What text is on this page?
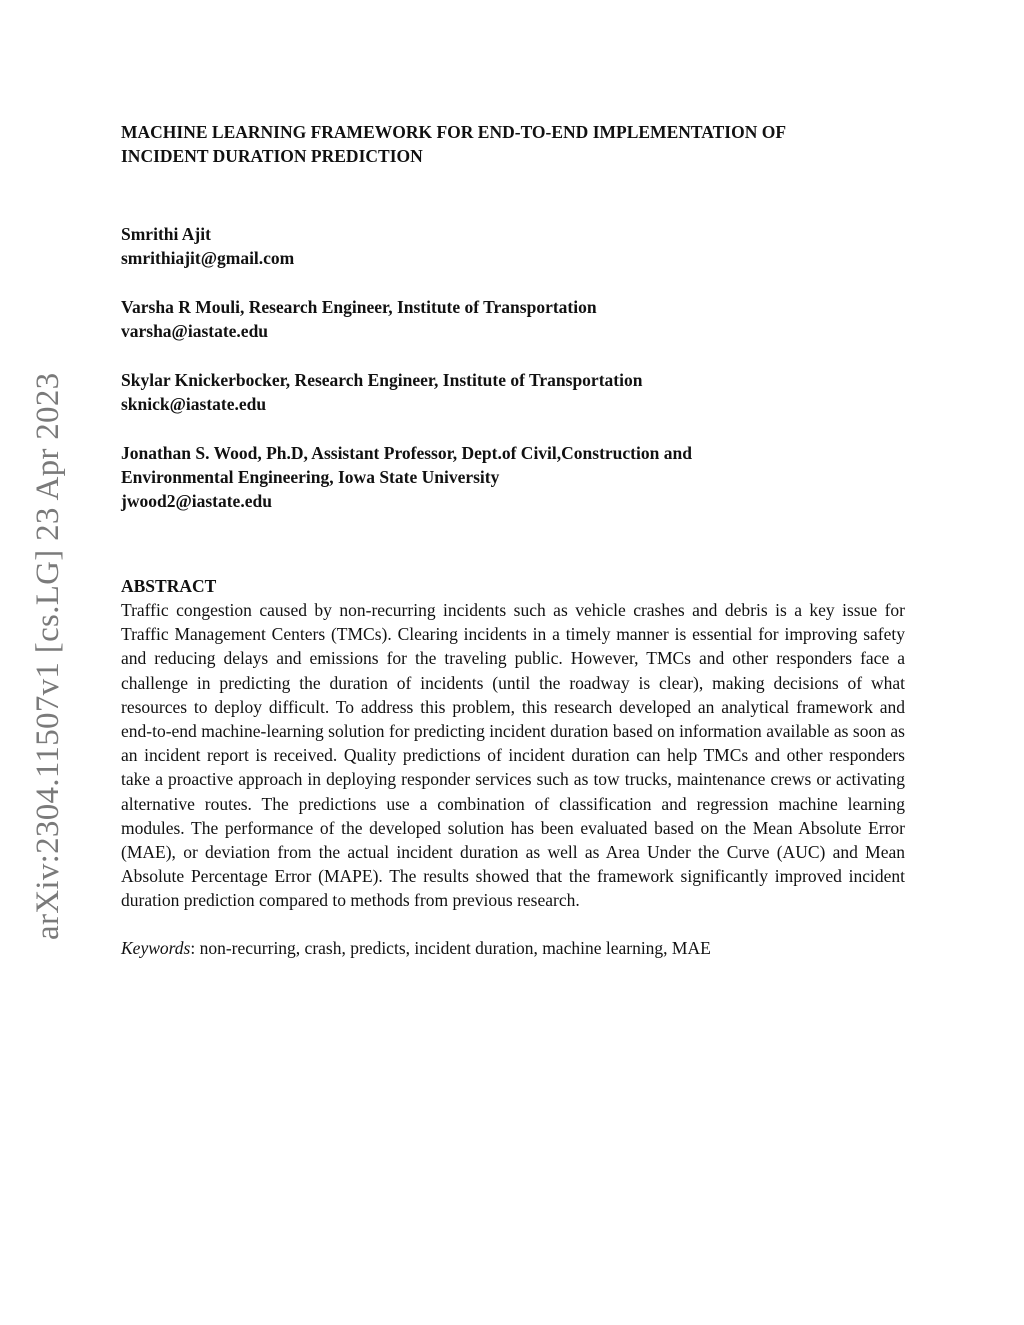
arXiv:2304.11507v1 [cs.LG] 23 Apr 2023
MACHINE LEARNING FRAMEWORK FOR END-TO-END IMPLEMENTATION OF
INCIDENT DURATION PREDICTION
Smrithi Ajit
smrithiajit@gmail.com
Varsha R Mouli, Research Engineer, Institute of Transportation
varsha@iastate.edu
Skylar Knickerbocker, Research Engineer, Institute of Transportation
sknick@iastate.edu
Jonathan S. Wood, Ph.D, Assistant Professor, Dept.of Civil,Construction and
Environmental Engineering, Iowa State University
jwood2@iastate.edu
ABSTRACT

Traffic congestion caused by non-recurring incidents such as vehicle crashes and debris is a key issue for Traffic Management Centers (TMCs). Clearing incidents in a timely manner is essential for improving safety and reducing delays and emissions for the traveling public. However, TMCs and other responders face a challenge in predicting the duration of incidents (until the roadway is clear), making decisions of what resources to deploy difficult. To address this problem, this research developed an analytical framework and end-to-end machine-learning solution for predicting incident duration based on information available as soon as an incident report is received. Quality predictions of incident duration can help TMCs and other responders take a proactive approach in deploying responder services such as tow trucks, maintenance crews or activating alternative routes. The predictions use a combination of classification and regression machine learning modules. The performance of the developed solution has been evaluated based on the Mean Absolute Error (MAE), or deviation from the actual incident duration as well as Area Under the Curve (AUC) and Mean Absolute Percentage Error (MAPE). The results showed that the framework significantly improved incident duration prediction compared to methods from previous research.

Keywords: non-recurring, crash, predicts, incident duration, machine learning, MAE
